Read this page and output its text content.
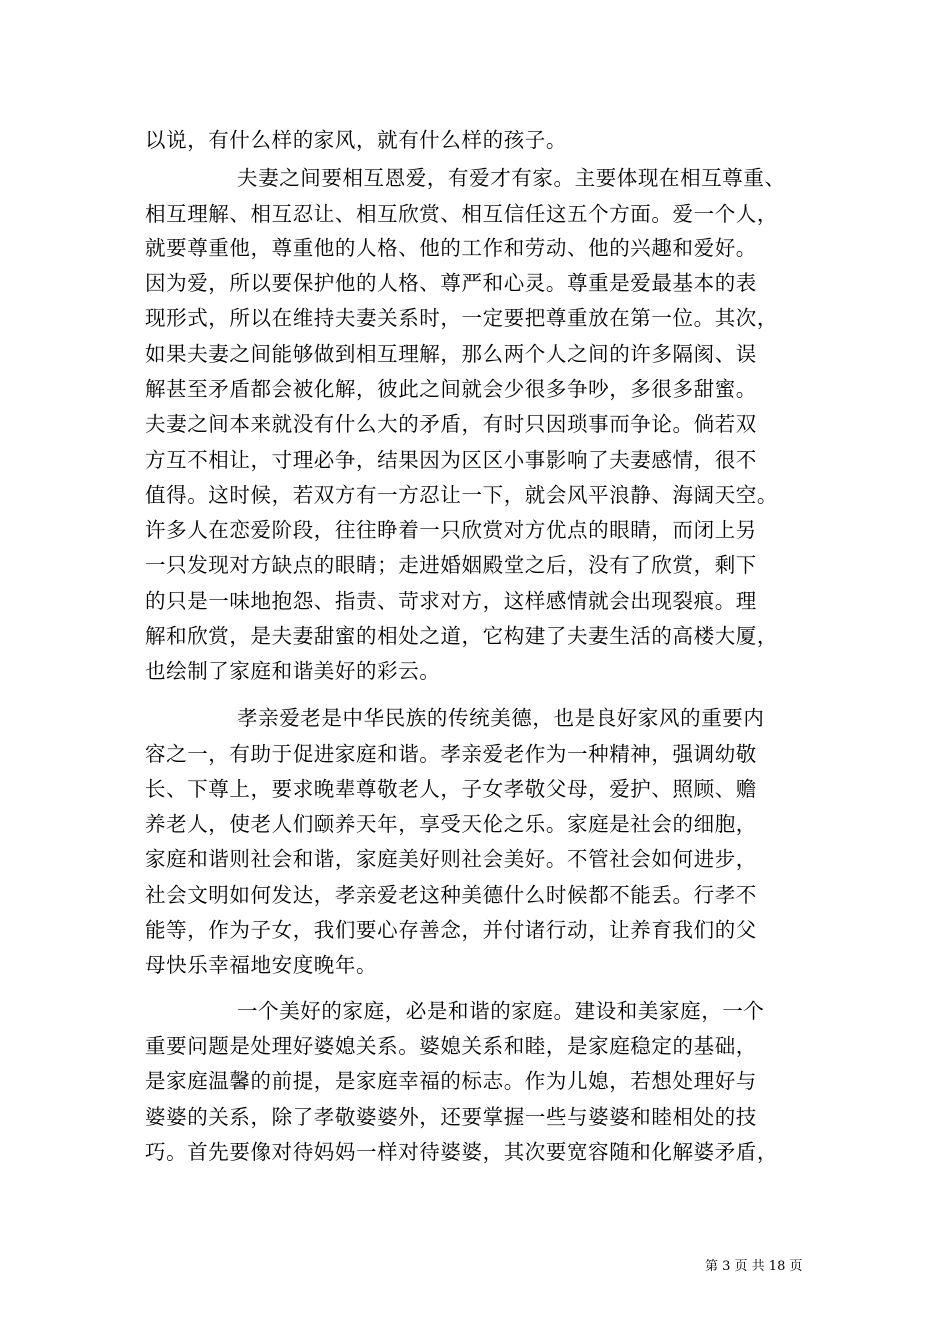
以说，有什么样的家风，就有什么样的孩子。
夫妻之间要相互恩爱，有爱才有家。主要体现在相互尊重、
相互理解、相互忍让、相互欣赏、相互信任这五个方面。爱一个人，
就要尊重他，尊重他的人格、他的工作和劳动、他的兴趣和爱好。
因为爱，所以要保护他的人格、尊严和心灵。尊重是爱最基本的表
现形式，所以在维持夫妻关系时，一定要把尊重放在第一位。其次，
如果夫妻之间能够做到相互理解，那么两个人之间的许多隔阂、误
解甚至矛盾都会被化解，彼此之间就会少很多争吵，多很多甜蜜。
夫妻之间本来就没有什么大的矛盾，有时只因琐事而争论。倘若双
方互不相让，寸理必争，结果因为区区小事影响了夫妻感情，很不
值得。这时候，若双方有一方忍让一下，就会风平浪静、海阔天空。
许多人在恋爱阶段，往往睁着一只欣赏对方优点的眼睛，而闭上另
一只发现对方缺点的眼睛；走进婚姻殿堂之后，没有了欣赏，剩下
的只是一味地抱怨、指责、苛求对方，这样感情就会出现裂痕。理
解和欣赏，是夫妻甜蜜的相处之道，它构建了夫妻生活的高楼大厦，
也绘制了家庭和谐美好的彩云。
孝亲爱老是中华民族的传统美德，也是良好家风的重要内
容之一，有助于促进家庭和谐。孝亲爱老作为一种精神，强调幼敬
长、下尊上，要求晚辈尊敬老人，子女孝敬父母，爱护、照顾、赡
养老人，使老人们颐养天年，享受天伦之乐。家庭是社会的细胞，
家庭和谐则社会和谐，家庭美好则社会美好。不管社会如何进步，
社会文明如何发达，孝亲爱老这种美德什么时候都不能丢。行孝不
能等，作为子女，我们要心存善念，并付诸行动，让养育我们的父
母快乐幸福地安度晚年。
一个美好的家庭，必是和谐的家庭。建设和美家庭，一个
重要问题是处理好婆媳关系。婆媳关系和睦，是家庭稳定的基础，
是家庭温馨的前提，是家庭幸福的标志。作为儿媳，若想处理好与
婆婆的关系，除了孝敬婆婆外，还要掌握一些与婆婆和睦相处的技
巧。首先要像对待妈妈一样对待婆婆，其次要宽容随和化解婆矛盾，
第 3 页 共 18 页
